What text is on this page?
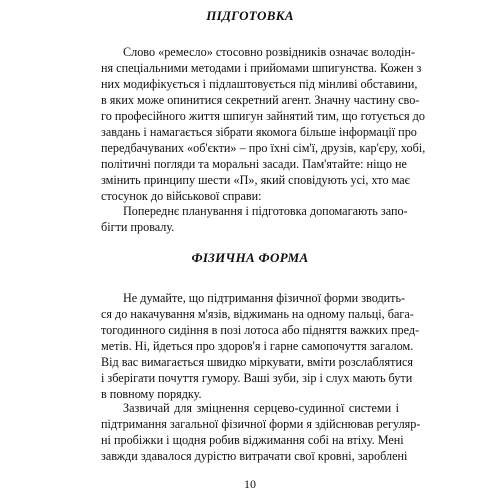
ПІДГОТОВКА
Слово «ремесло» стосовно розвідників означає володін-
ня спеціальними методами і прийомами шпигунства. Кожен з
них модифікується і підлаштовується під мінливі обставини,
в яких може опинитися секретний агент. Значну частину сво-
го професійного життя шпигун зайнятий тим, що готується до
завдань і намагається зібрати якомога більше інформації про
передбачуваних «об'єкти» – про їхні сім'ї, друзів, кар'єру, хобі,
політичні погляди та моральні засади. Пам'ятайте: ніщо не
змінить принципу шести «П», який сповідують усі, хто має
стосунок до військової справи:
Попереднє планування і підготовка допомагають запо-
бігти провалу.
ФІЗИЧНА ФОРМА
Не думайте, що підтримання фізичної форми зводить-
ся до накачування м'язів, віджимань на одному пальці, бага-
тогодинного сидіння в позі лотоса або підняття важких пред-
метів. Ні, йдеться про здоров'я і гарне самопочуття загалом.
Від вас вимагається швидко міркувати, вміти розслаблятися
і зберігати почуття гумору. Ваші зуби, зір і слух мають бути
в повному порядку.
Зазвичай для зміцнення серцево-судинної системи і
підтримання загальної фізичної форми я здійснював регуляр-
ні пробіжки і щодня робив віджимання собі на втіху. Мені
завжди здавалося дурістю витрачати свої кровні, зароблені
10
